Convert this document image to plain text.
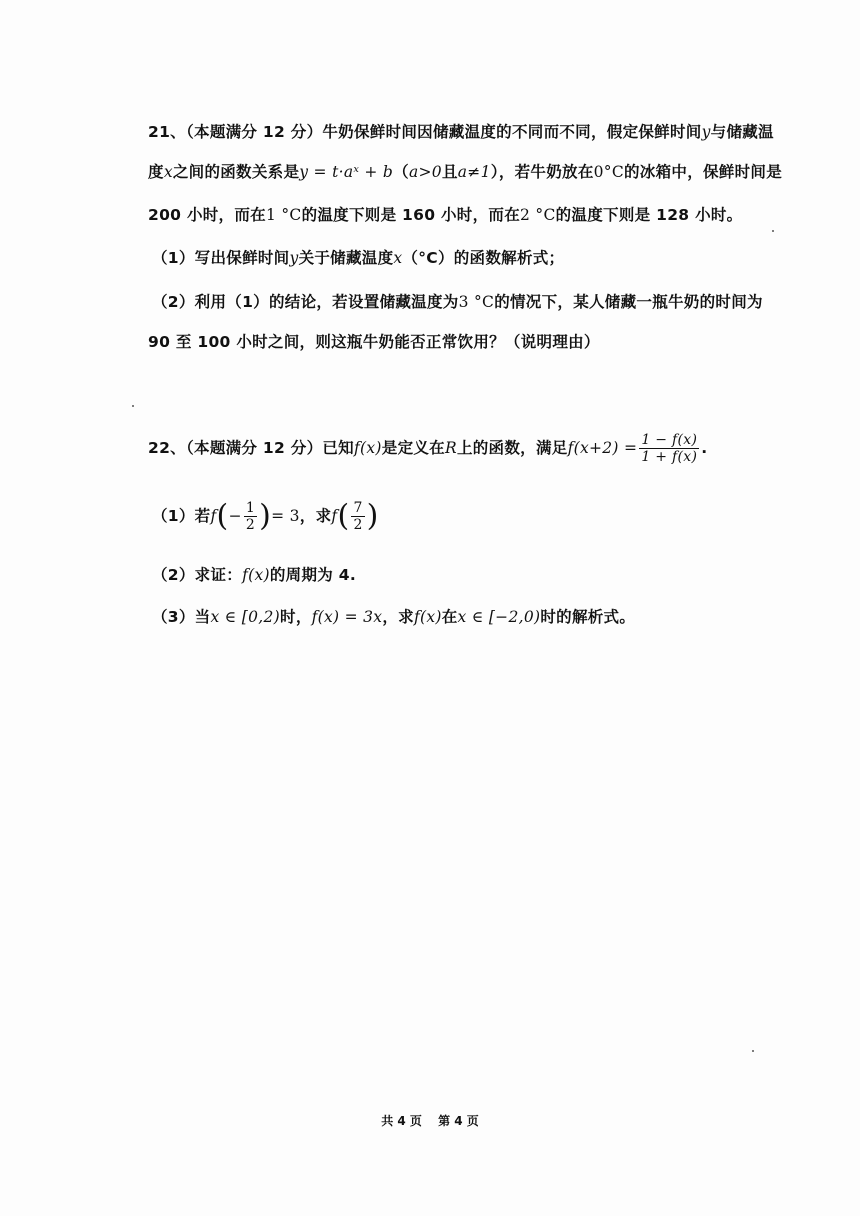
21、（本题满分 12 分）牛奶保鲜时间因储藏温度的不同而不同，假定保鲜时间y与储藏温
度x之间的函数关系是y = t·aˣ + b（a>0且a≠1），若牛奶放在0°C的冰箱中，保鲜时间是
200 小时，而在1 °C的温度下则是 160 小时，而在2 °C的温度下则是 128 小时。
（1）写出保鲜时间y关于储藏温度x（°C）的函数解析式；
（2）利用（1）的结论，若设置储藏温度为3 °C的情况下，某人储藏一瓶牛奶的时间为
90 至 100 小时之间，则这瓶牛奶能否正常饮用？（说明理由）
22、（本题满分 12 分）已知f(x)是定义在R上的函数，满足$f(x+2) = \frac{1 - f(x)}{1 + f(x)}$ .
（1）若$f(- \frac{1}{2}$ )= 3，求$f( \frac{7}{2}$ )
（2）求证：f(x)的周期为 4.
（3）当x ∈ [0,2)时，f(x) = 3x，求f(x)在x ∈ [−2,0)时的解析式。
共 4 页 第 4 页
